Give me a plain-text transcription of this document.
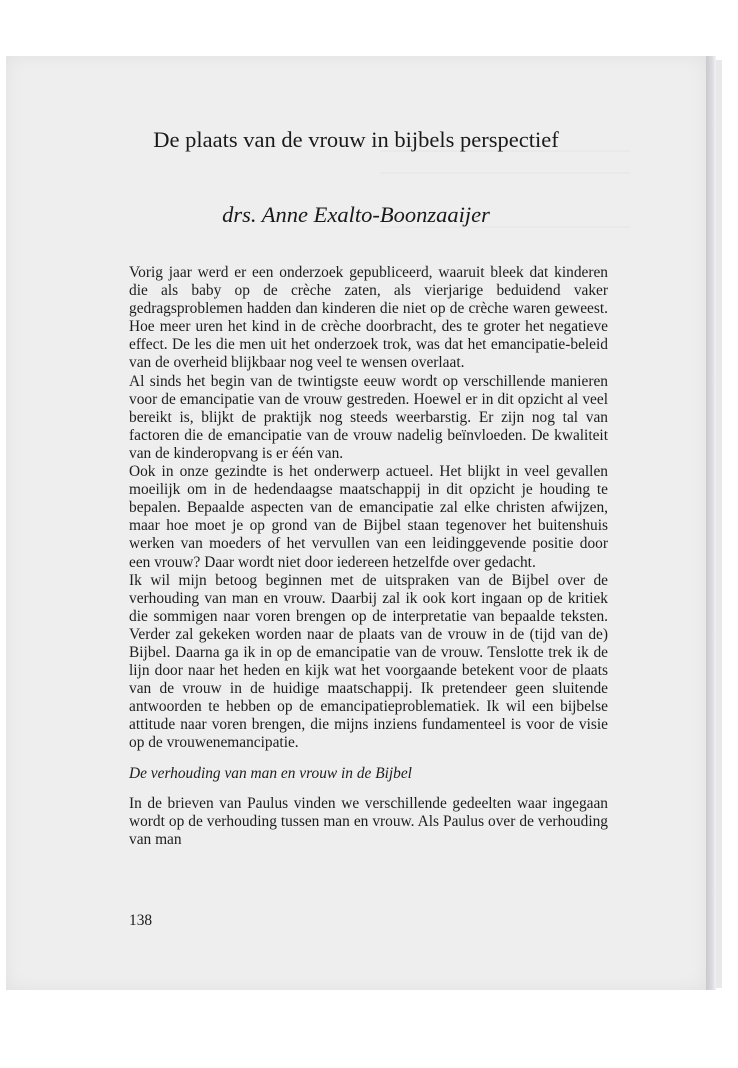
De plaats van de vrouw in bijbels perspectief
drs. Anne Exalto-Boonzaaijer

Vorig jaar werd er een onderzoek gepubliceerd, waaruit bleek dat kinderen die als baby op de crèche zaten, als vierjarige beduidend vaker gedragsproblemen hadden dan kinderen die niet op de crèche waren geweest. Hoe meer uren het kind in de crèche doorbracht, des te groter het negatieve effect. De les die men uit het onderzoek trok, was dat het emancipatie-beleid van de overheid blijkbaar nog veel te wensen overlaat.

Al sinds het begin van de twintigste eeuw wordt op verschillende manieren voor de emancipatie van de vrouw gestreden. Hoewel er in dit opzicht al veel bereikt is, blijkt de praktijk nog steeds weerbarstig. Er zijn nog tal van factoren die de emancipatie van de vrouw nadelig beïnvloeden. De kwaliteit van de kinderopvang is er één van.

Ook in onze gezindte is het onderwerp actueel. Het blijkt in veel gevallen moeilijk om in de hedendaagse maatschappij in dit opzicht je houding te bepalen. Bepaalde aspecten van de emancipatie zal elke christen afwijzen, maar hoe moet je op grond van de Bijbel staan tegenover het buitenshuis werken van moeders of het vervullen van een leidinggevende positie door een vrouw? Daar wordt niet door iedereen hetzelfde over gedacht.

Ik wil mijn betoog beginnen met de uitspraken van de Bijbel over de verhouding van man en vrouw. Daarbij zal ik ook kort ingaan op de kritiek die sommigen naar voren brengen op de interpretatie van bepaalde teksten. Verder zal gekeken worden naar de plaats van de vrouw in de (tijd van de) Bijbel. Daarna ga ik in op de emancipatie van de vrouw. Tenslotte trek ik de lijn door naar het heden en kijk wat het voorgaande betekent voor de plaats van de vrouw in de huidige maatschappij. Ik pretendeer geen sluitende antwoorden te hebben op de emancipatieproblematiek. Ik wil een bijbelse attitude naar voren brengen, die mijns inziens fundamenteel is voor de visie op de vrouwenemancipatie.

De verhouding van man en vrouw in de Bijbel

In de brieven van Paulus vinden we verschillende gedeelten waar ingegaan wordt op de verhouding tussen man en vrouw. Als Paulus over de verhouding van man

138
